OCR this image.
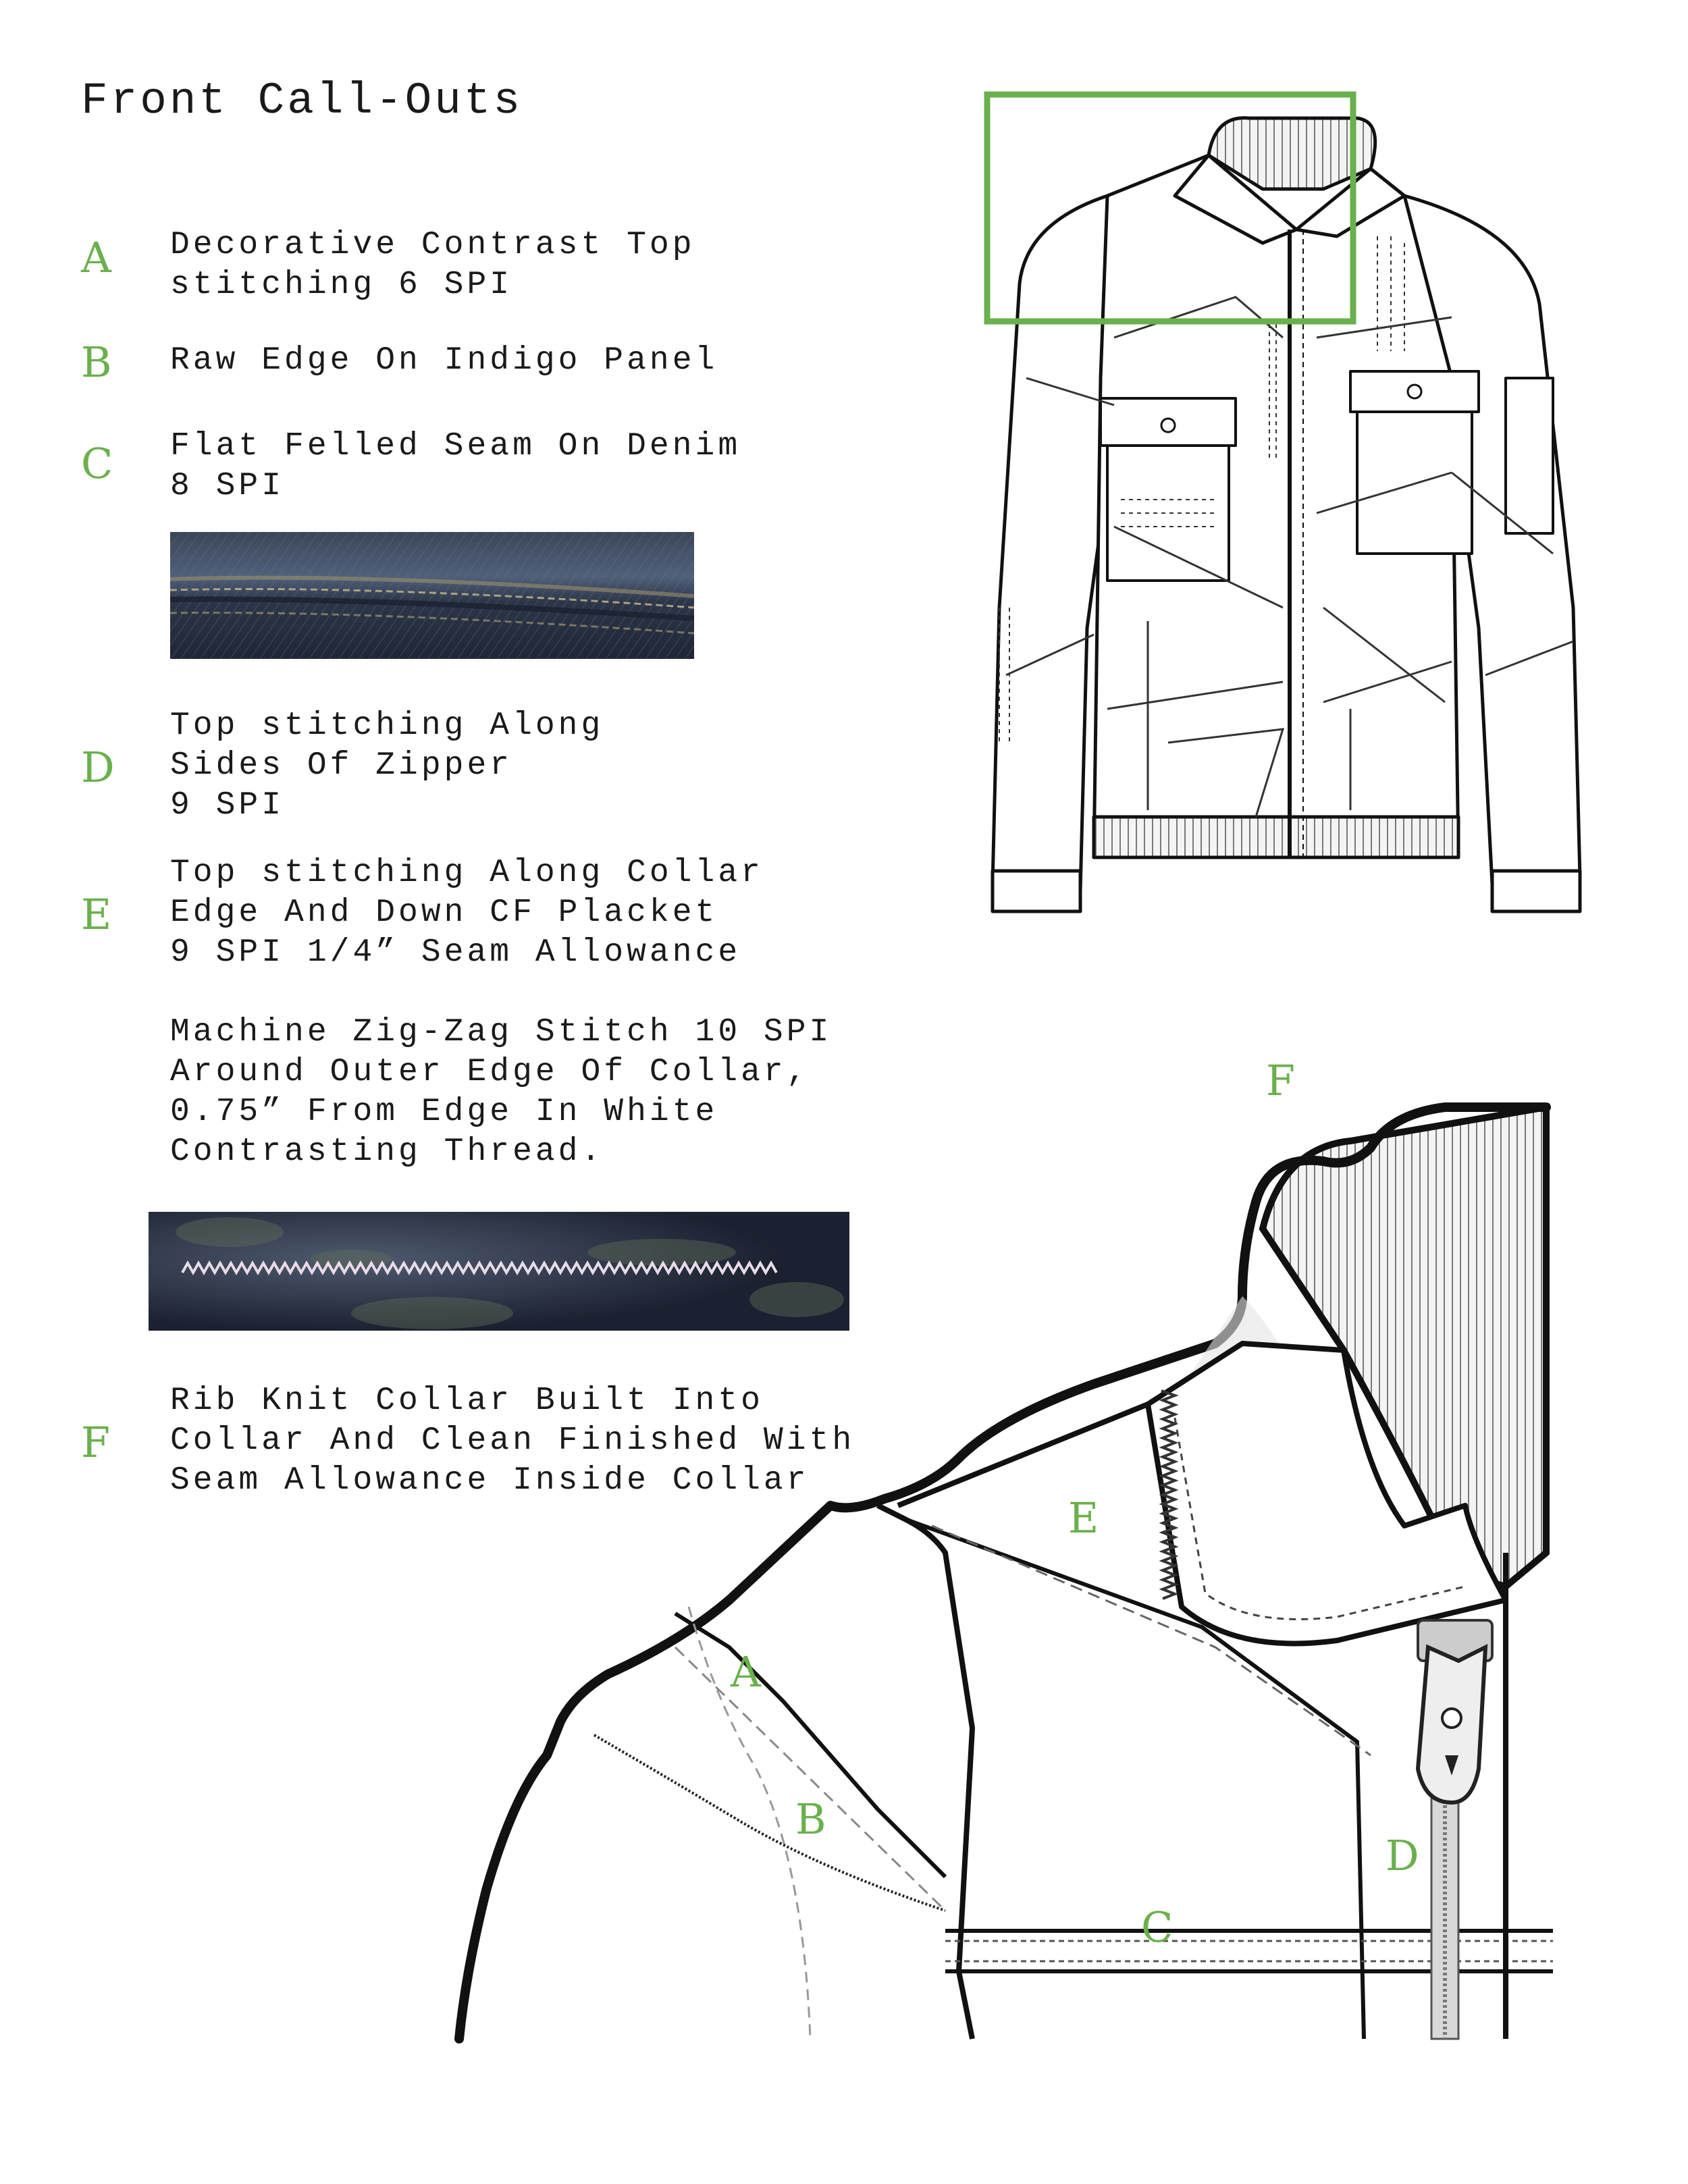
Front Call-Outs
A Decorative Contrast Top
stitching 6 SPI

B Raw Edge On Indigo Panel

C Flat Felled Seam On Denim
8 SPI

D

Top stitching Along
Sides Of Zipper
9 SPI

E

Top stitching Along Collar
Edge And Down CF Placket
9 SPI 1/4” Seam Allowance

Machine Zig-Zag Stitch 10 SPI
Around Outer Edge Of Collar,
0.75” From Edge In White
Contrasting Thread.

F

Rib Knit Collar Built Into
Collar And Clean Finished With
Seam Allowance Inside Collar

F
E
A
B
D
C
